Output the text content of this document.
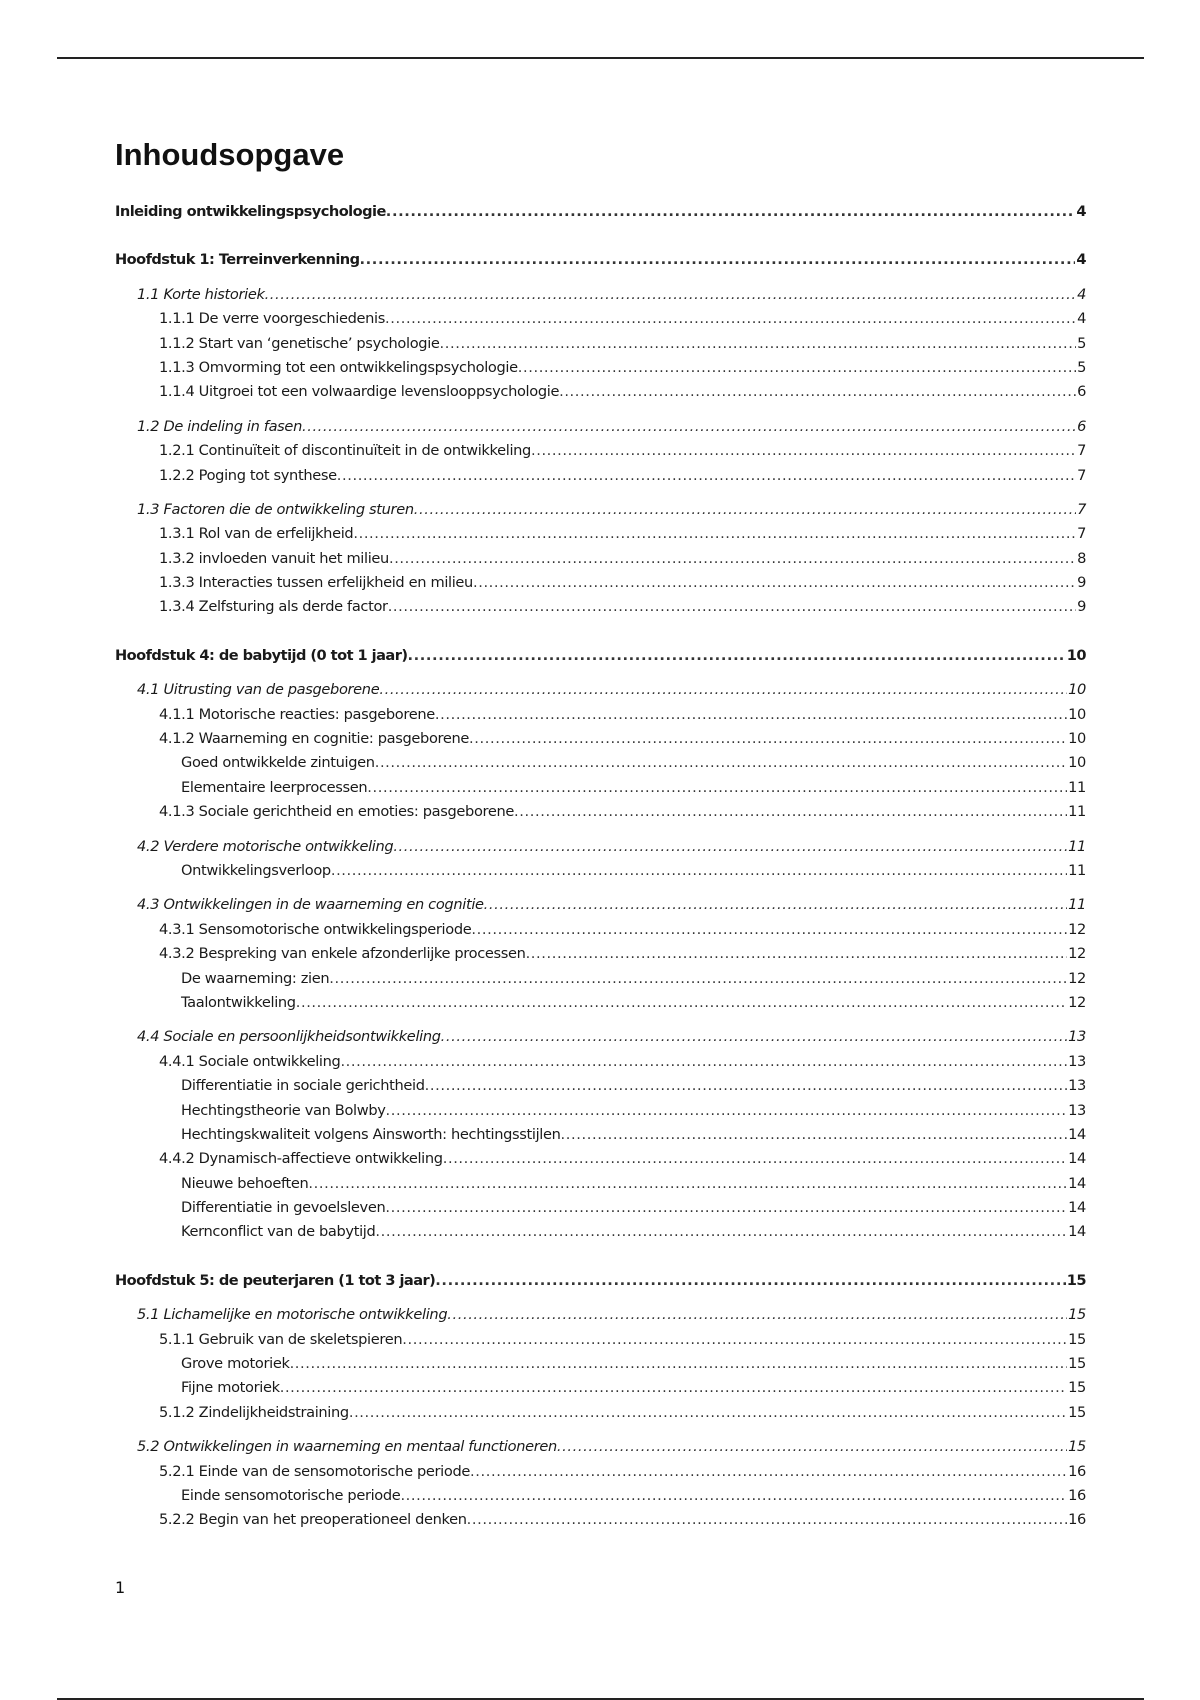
Inhoudsopgave
Inleiding ontwikkelingspsychologie .....	4
Hoofdstuk 1: Terreinverkenning .....	4
1.1 Korte historiek .....	4
1.1.1 De verre voorgeschiedenis .....	4
1.1.2 Start van ‘genetische’ psychologie .....	5
1.1.3 Omvorming tot een ontwikkelingspsychologie .....	5
1.1.4 Uitgroei tot een volwaardige levenslooppsychologie .....	6
1.2 De indeling in fasen .....	6
1.2.1 Continuïteit of discontinuïteit in de ontwikkeling .....	7
1.2.2 Poging tot synthese .....	7
1.3 Factoren die de ontwikkeling sturen .....	7
1.3.1 Rol van de erfelijkheid .....	7
1.3.2 invloeden vanuit het milieu .....	8
1.3.3 Interacties tussen erfelijkheid en milieu .....	9
1.3.4 Zelfsturing als derde factor .....	9
Hoofdstuk 4: de babytijd (0 tot 1 jaar) .....	10
4.1 Uitrusting van de pasgeborene .....	10
4.1.1 Motorische reacties: pasgeborene .....	10
4.1.2 Waarneming en cognitie: pasgeborene .....	10
Goed ontwikkelde zintuigen .....	10
Elementaire leerprocessen .....	11
4.1.3 Sociale gerichtheid en emoties: pasgeborene .....	11
4.2 Verdere motorische ontwikkeling .....	11
Ontwikkelingsverloop .....	11
4.3 Ontwikkelingen in de waarneming en cognitie .....	11
4.3.1 Sensomotorische ontwikkelingsperiode .....	12
4.3.2 Bespreking van enkele afzonderlijke processen .....	12
De waarneming: zien .....	12
Taalontwikkeling .....	12
4.4 Sociale en persoonlijkheidsontwikkeling .....	13
4.4.1 Sociale ontwikkeling .....	13
Differentiatie in sociale gerichtheid .....	13
Hechtingstheorie van Bolwby .....	13
Hechtingskwaliteit volgens Ainsworth: hechtingsstijlen .....	14
4.4.2 Dynamisch-affectieve ontwikkeling .....	14
Nieuwe behoeften .....	14
Differentiatie in gevoelsleven .....	14
Kernconflict van de babytijd .....	14
Hoofdstuk 5: de peuterjaren (1 tot 3 jaar) .....	15
5.1 Lichamelijke en motorische ontwikkeling .....	15
5.1.1 Gebruik van de skeletspieren .....	15
Grove motoriek .....	15
Fijne motoriek .....	15
5.1.2 Zindelijkheidstraining .....	15
5.2 Ontwikkelingen in waarneming en mentaal functioneren .....	15
5.2.1 Einde van de sensomotorische periode .....	16
Einde sensomotorische periode .....	16
5.2.2 Begin van het preoperationeel denken .....	16
1
